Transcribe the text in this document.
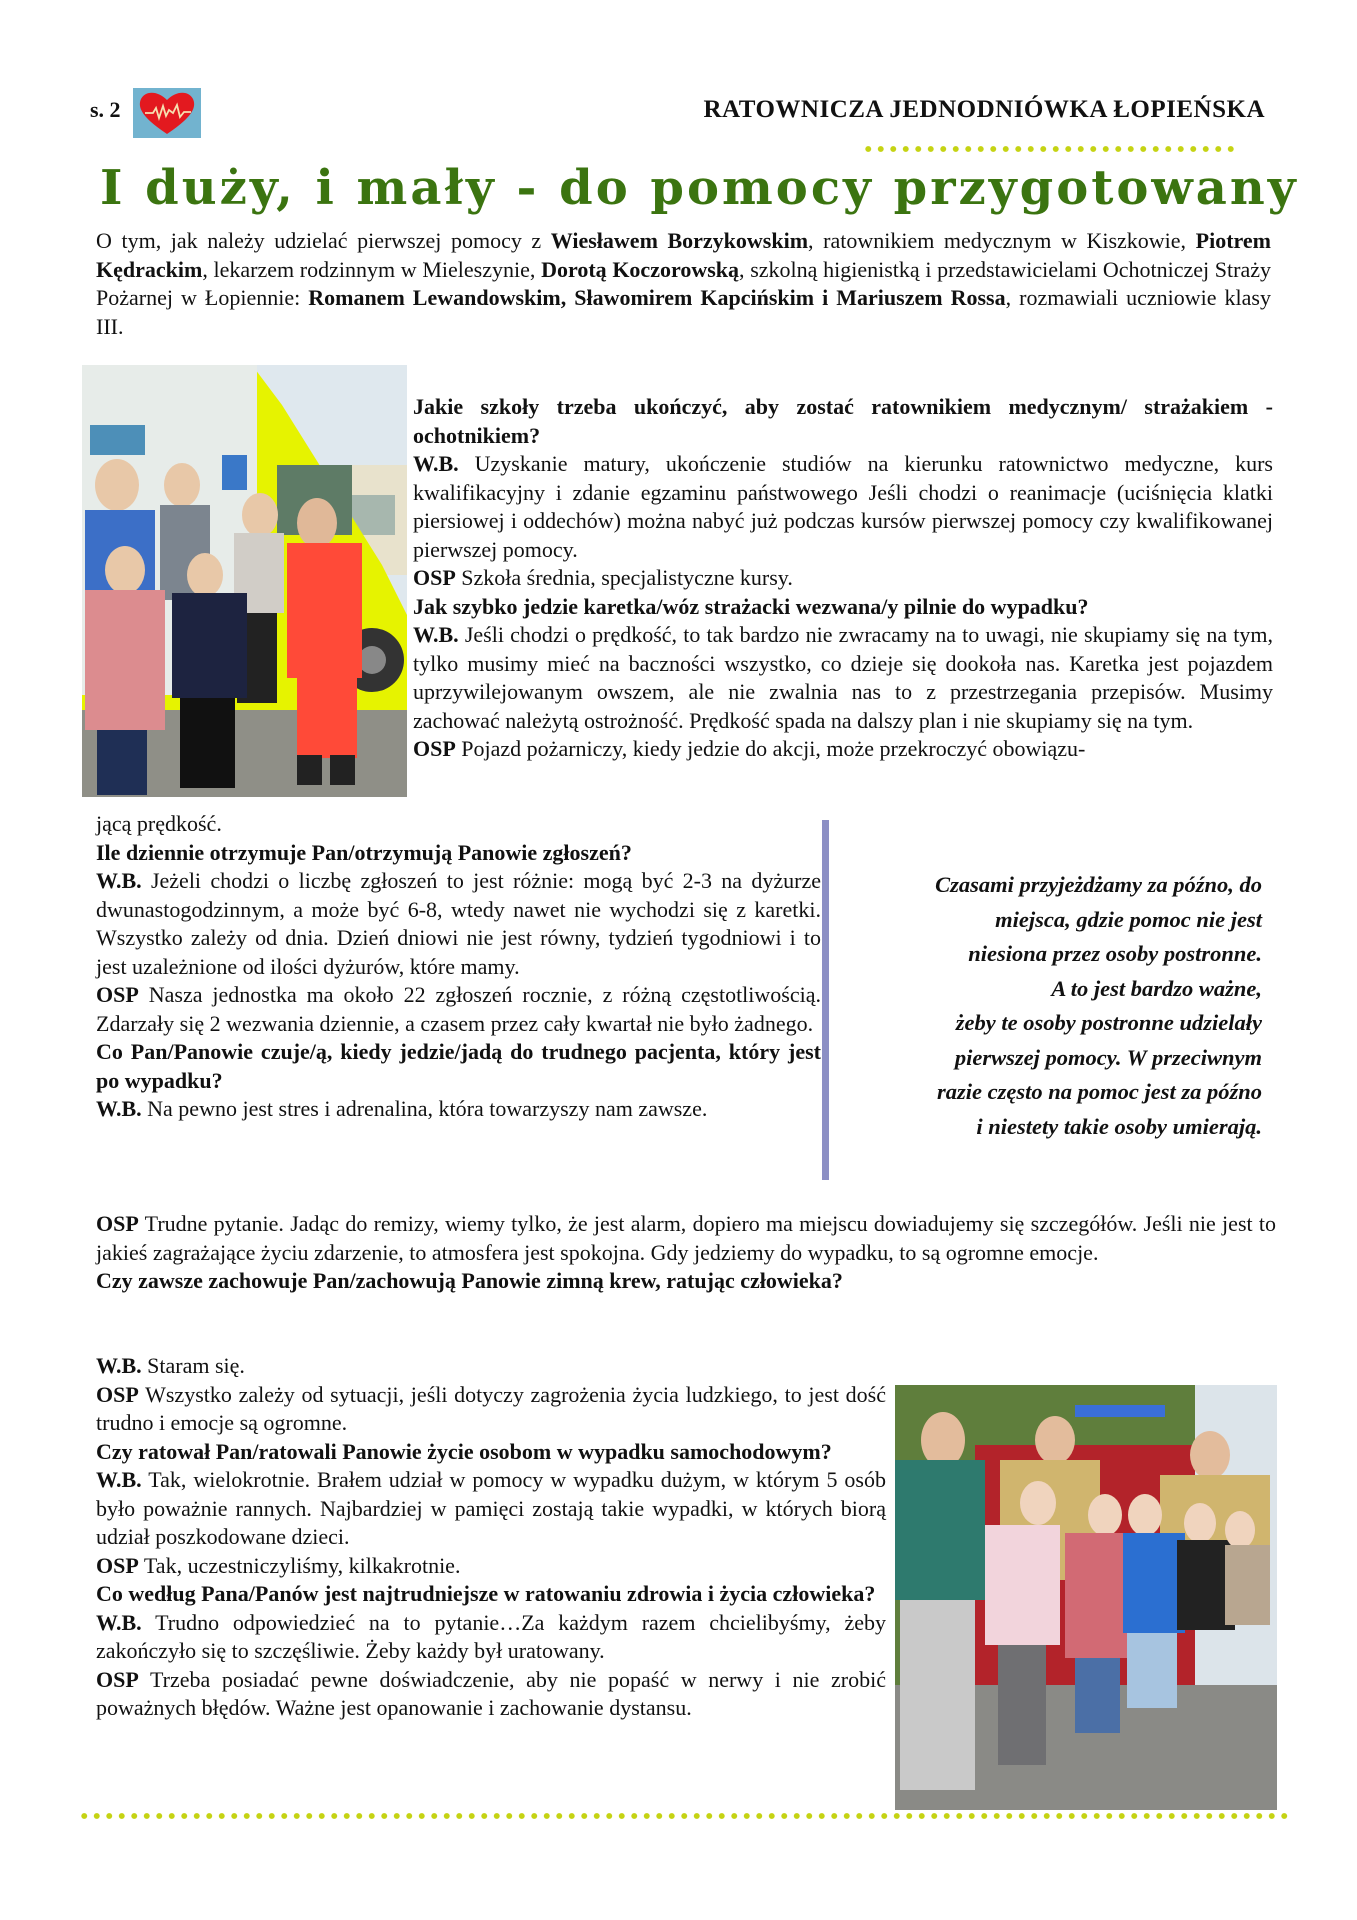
s. 2	RATOWNICZA JEDNODNIÓWKA ŁOPIEŃSKA
I duży, i mały - do pomocy przygotowany
O tym, jak należy udzielać pierwszej pomocy z Wiesławem Borzykowskim, ratownikiem medycznym w Kiszkowie, Piotrem Kędrackim, lekarzem rodzinnym w Mieleszynie, Dorotą Koczorowską, szkolną higienistką i przedstawicielami Ochotniczej Straży Pożarnej w Łopiennie: Romanem Lewandowskim, Sławomirem Kapcińskim i Mariuszem Rossa, rozmawiali uczniowie klasy III.
Jakie szkoły trzeba ukończyć, aby zostać ratownikiem medycznym/ strażakiem - ochotnikiem?
W.B. Uzyskanie matury, ukończenie studiów na kierunku ratownictwo medyczne, kurs kwalifikacyjny i zdanie egzaminu państwowego Jeśli chodzi o reanimacje (uciśnięcia klatki piersiowej i oddechów) można nabyć już podczas kursów pierwszej pomocy czy kwalifikowanej pierwszej pomocy.
OSP Szkoła średnia, specjalistyczne kursy.
Jak szybko jedzie karetka/wóz strażacki wezwana/y pilnie do wypadku?
W.B. Jeśli chodzi o prędkość, to tak bardzo nie zwracamy na to uwagi, nie skupiamy się na tym, tylko musimy mieć na baczności wszystko, co dzieje się dookoła nas. Karetka jest pojazdem uprzywilejowanym owszem, ale nie zwalnia nas to z przestrzegania przepisów. Musimy zachować należytą ostrożność. Prędkość spada na dalszy plan i nie skupiamy się na tym.
OSP Pojazd pożarniczy, kiedy jedzie do akcji, może przekroczyć obowiązu-
jącą prędkość.
Ile dziennie otrzymuje Pan/otrzymują Panowie zgłoszeń?
W.B. Jeżeli chodzi o liczbę zgłoszeń to jest różnie: mogą być 2-3 na dyżurze dwunastogodzinnym, a może być 6-8, wtedy nawet nie wychodzi się z karetki. Wszystko zależy od dnia. Dzień dniowi nie jest równy, tydzień tygodniowi i to jest uzależnione od ilości dyżurów, które mamy.
OSP Nasza jednostka ma około 22 zgłoszeń rocznie, z różną częstotliwością. Zdarzały się 2 wezwania dziennie, a czasem przez cały kwartał nie było żadnego.
Co Pan/Panowie czuje/ą, kiedy jedzie/jadą do trudnego pacjenta, który jest po wypadku?
W.B. Na pewno jest stres i adrenalina, która towarzyszy nam zawsze.
Czasami przyjeżdżamy za późno, do
miejsca, gdzie pomoc nie jest
niesiona przez osoby postronne.
A to jest bardzo ważne,
żeby te osoby postronne udzielały
pierwszej pomocy. W przeciwnym
razie często na pomoc jest za późno
i niestety takie osoby umierają.
OSP Trudne pytanie. Jadąc do remizy, wiemy tylko, że jest alarm, dopiero ma miejscu dowiadujemy się szczegółów. Jeśli nie jest to jakieś zagrażające życiu zdarzenie, to atmosfera jest spokojna. Gdy jedziemy do wypadku, to są ogromne emocje.
Czy zawsze zachowuje Pan/zachowują Panowie zimną krew, ratując człowieka?
W.B. Staram się.
OSP Wszystko zależy od sytuacji, jeśli dotyczy zagrożenia życia ludzkiego, to jest dość trudno i emocje są ogromne.
Czy ratował Pan/ratowali Panowie życie osobom w wypadku samochodowym?
W.B. Tak, wielokrotnie. Brałem udział w pomocy w wypadku dużym, w którym 5 osób było poważnie rannych. Najbardziej w pamięci zostają takie wypadki, w których biorą udział poszkodowane dzieci.
OSP Tak, uczestniczyliśmy, kilkakrotnie.
Co według Pana/Panów jest najtrudniejsze w ratowaniu zdrowia i życia człowieka?
W.B. Trudno odpowiedzieć na to pytanie…Za każdym razem chcielibyśmy, żeby zakończyło się to szczęśliwie. Żeby każdy był uratowany.
OSP Trzeba posiadać pewne doświadczenie, aby nie popaść w nerwy i nie zrobić poważnych błędów. Ważne jest opanowanie i zachowanie dystansu.
